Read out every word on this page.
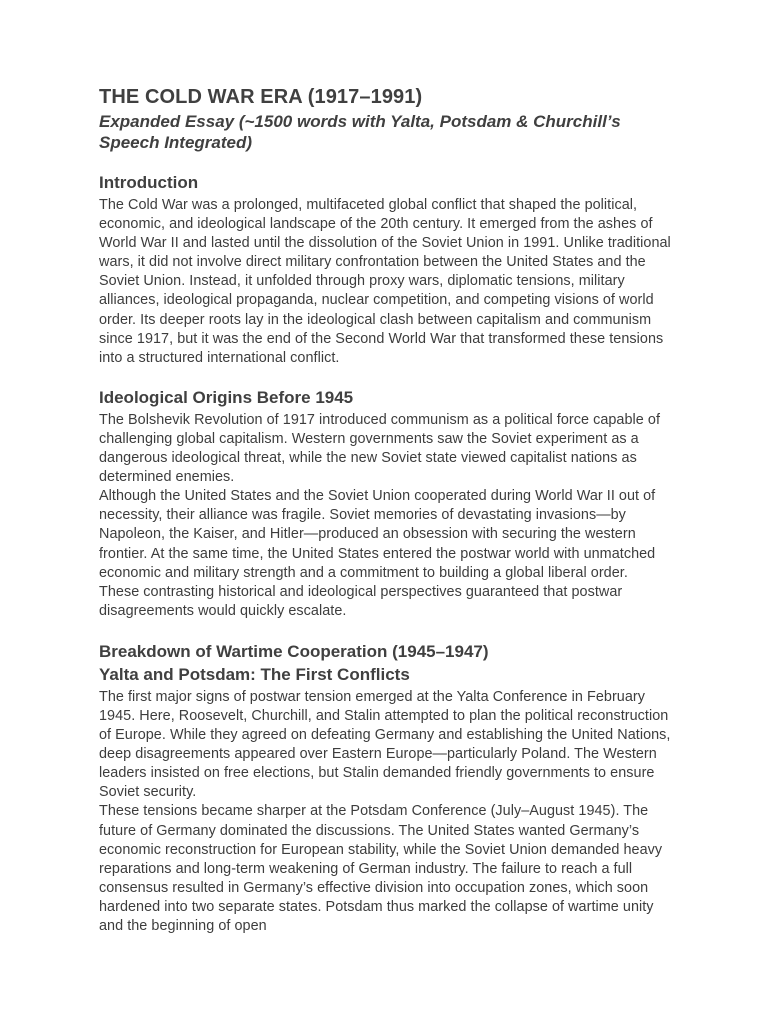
THE COLD WAR ERA (1917–1991)
Expanded Essay (~1500 words with Yalta, Potsdam & Churchill’s Speech Integrated)
Introduction

The Cold War was a prolonged, multifaceted global conflict that shaped the political, economic, and ideological landscape of the 20th century. It emerged from the ashes of World War II and lasted until the dissolution of the Soviet Union in 1991. Unlike traditional wars, it did not involve direct military confrontation between the United States and the Soviet Union. Instead, it unfolded through proxy wars, diplomatic tensions, military alliances, ideological propaganda, nuclear competition, and competing visions of world order. Its deeper roots lay in the ideological clash between capitalism and communism since 1917, but it was the end of the Second World War that transformed these tensions into a structured international conflict.

Ideological Origins Before 1945

The Bolshevik Revolution of 1917 introduced communism as a political force capable of challenging global capitalism. Western governments saw the Soviet experiment as a dangerous ideological threat, while the new Soviet state viewed capitalist nations as determined enemies.

Although the United States and the Soviet Union cooperated during World War II out of necessity, their alliance was fragile. Soviet memories of devastating invasions—by Napoleon, the Kaiser, and Hitler—produced an obsession with securing the western frontier. At the same time, the United States entered the postwar world with unmatched economic and military strength and a commitment to building a global liberal order.

These contrasting historical and ideological perspectives guaranteed that postwar disagreements would quickly escalate.

Breakdown of Wartime Cooperation (1945–1947)
Yalta and Potsdam: The First Conflicts

The first major signs of postwar tension emerged at the Yalta Conference in February 1945. Here, Roosevelt, Churchill, and Stalin attempted to plan the political reconstruction of Europe. While they agreed on defeating Germany and establishing the United Nations, deep disagreements appeared over Eastern Europe—particularly Poland. The Western leaders insisted on free elections, but Stalin demanded friendly governments to ensure Soviet security.

These tensions became sharper at the Potsdam Conference (July–August 1945). The future of Germany dominated the discussions. The United States wanted Germany’s economic reconstruction for European stability, while the Soviet Union demanded heavy reparations and long-term weakening of German industry. The failure to reach a full consensus resulted in Germany’s effective division into occupation zones, which soon hardened into two separate states. Potsdam thus marked the collapse of wartime unity and the beginning of open
